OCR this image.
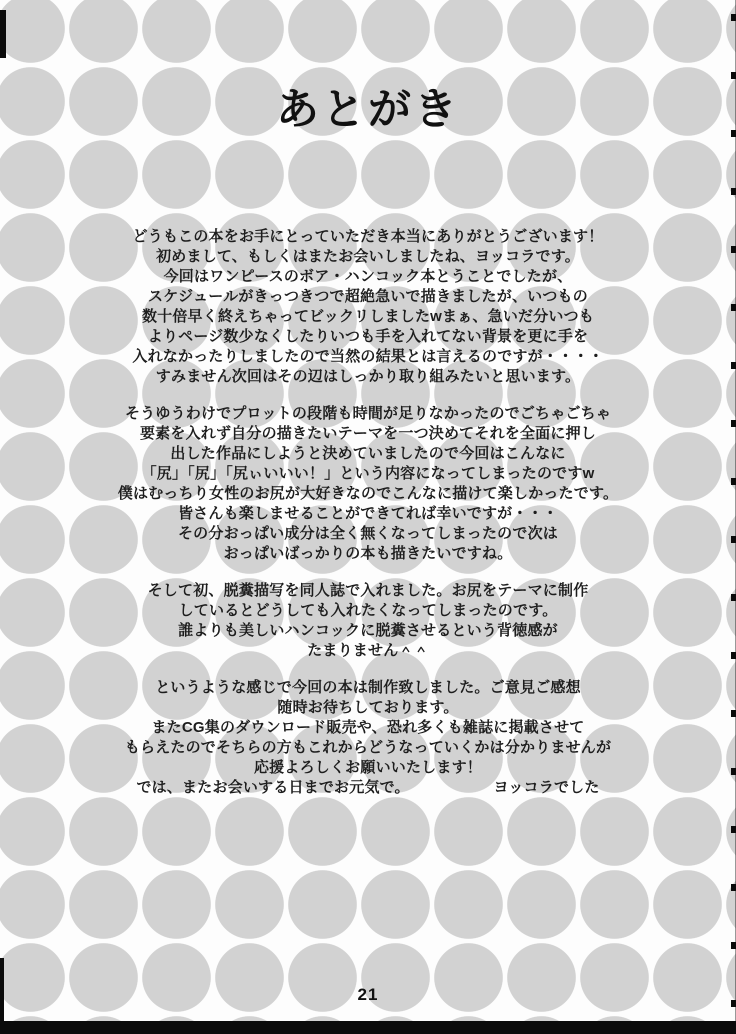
あとがき
どうもこの本をお手にとっていただき本当にありがとうございます！
初めまして、もしくはまたお会いしましたね、ヨッコラです。
今回はワンピースのボア・ハンコック本とうことでしたが、
スケジュールがきっつきつで超絶急いで描きましたが、いつもの
数十倍早く終えちゃってビックリしましたwまぁ、急いだ分いつも
よりページ数少なくしたりいつも手を入れてない背景を更に手を
入れなかったりしましたので当然の結果とは言えるのですが・・・・
すみません次回はその辺はしっかり取り組みたいと思います。
そうゆうわけでプロットの段階も時間が足りなかったのでごちゃごちゃ
要素を入れず自分の描きたいテーマを一つ決めてそれを全面に押し
出した作品にしようと決めていましたので今回はこんなに
「尻」「尻」「尻ぃいいい！」という内容になってしまったのですw
僕はむっちり女性のお尻が大好きなのでこんなに描けて楽しかったです。
皆さんも楽しませることができてれば幸いですが・・・
その分おっぱい成分は全く無くなってしまったので次は
おっぱいばっかりの本も描きたいですね。
そして初、脱糞描写を同人誌で入れました。お尻をテーマに制作
しているとどうしても入れたくなってしまったのです。
誰よりも美しいハンコックに脱糞させるという背徳感が
たまりません＾＾
というような感じで今回の本は制作致しました。ご意見ご感想
随時お待ちしております。
またCG集のダウンロード販売や、恐れ多くも雑誌に掲載させて
もらえたのでそちらの方もこれからどうなっていくかは分かりませんが
応援よろしくお願いいたします！
では、またお会いする日までお元気で。　　　　　　ヨッコラでした
21
